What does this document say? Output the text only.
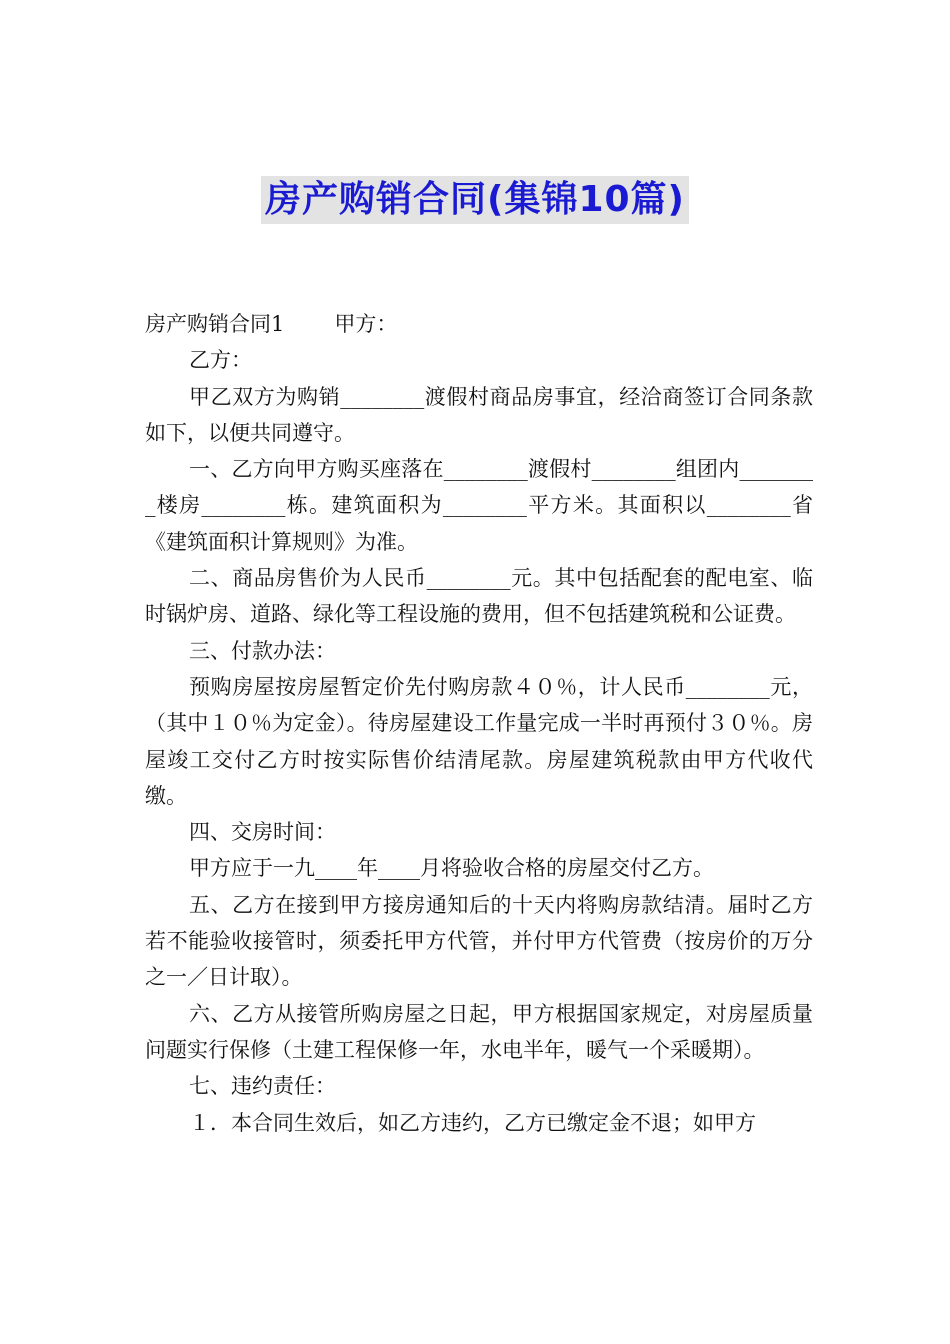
房产购销合同(集锦10篇)

房产购销合同1 甲方：

乙方：

甲乙双方为购销________渡假村商品房事宜，经洽商签订合同条款如下，以便共同遵守。

一、乙方向甲方购买座落在________渡假村________组团内________楼房________栋。建筑面积为________平方米。其面积以________省《建筑面积计算规则》为准。

二、商品房售价为人民币________元。其中包括配套的配电室、临时锅炉房、道路、绿化等工程设施的费用，但不包括建筑税和公证费。

三、付款办法：

预购房屋按房屋暂定价先付购房款４０％，计人民币________元，（其中１０％为定金）。待房屋建设工作量完成一半时再预付３０％。房屋竣工交付乙方时按实际售价结清尾款。房屋建筑税款由甲方代收代缴。

四、交房时间：

甲方应于一九____年____月将验收合格的房屋交付乙方。

五、乙方在接到甲方接房通知后的十天内将购房款结清。届时乙方若不能验收接管时，须委托甲方代管，并付甲方代管费（按房价的万分之一／日计取）。

六、乙方从接管所购房屋之日起，甲方根据国家规定，对房屋质量问题实行保修（土建工程保修一年，水电半年，暖气一个采暖期）。

七、违约责任：

１．本合同生效后，如乙方违约，乙方已缴定金不退；如甲方
